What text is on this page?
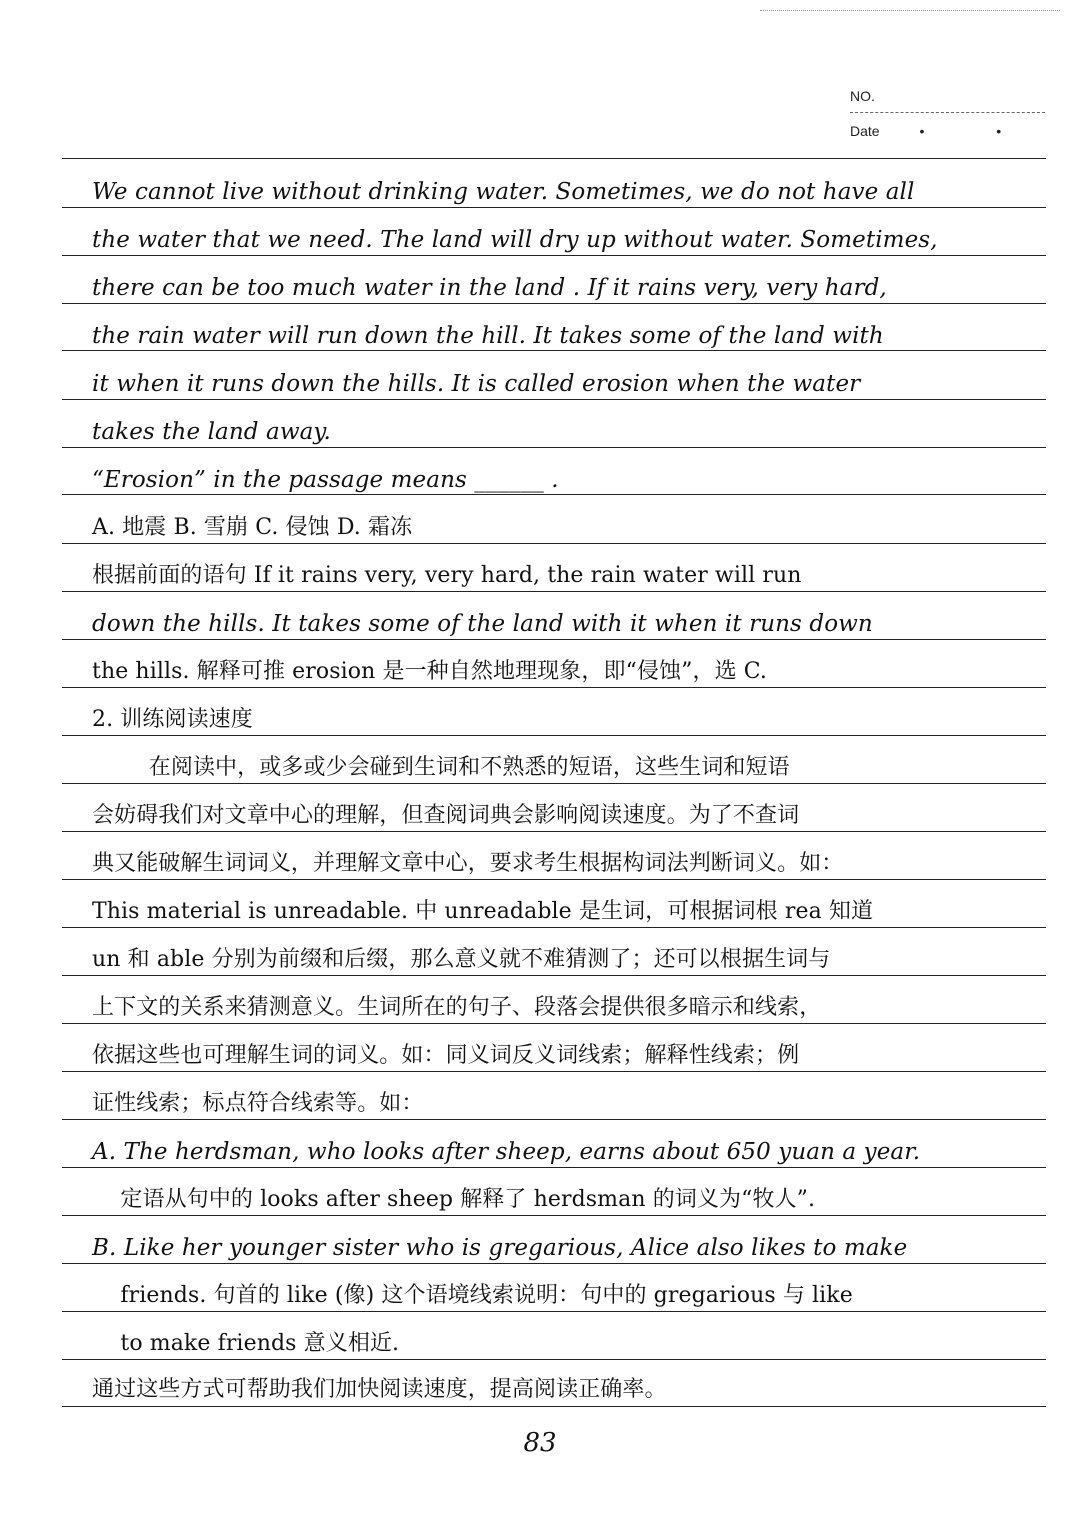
NO.
Date	• •
We cannot live without drinking water. Sometimes, we do not have all
the water that we need. The land will dry up without water. Sometimes,
there can be too much water in the land . If it rains very, very hard,
the rain water will run down the hill. It takes some of the land with
it when it runs down the hills. It is called erosion when the water
takes the land away.
“Erosion” in the passage means ______ .
A. 地震 B. 雪崩 C. 侵蚀 D. 霜冻
根据前面的语句 If it rains very, very hard, the rain water will run
down the hills. It takes some of the land with it when it runs down
the hills. 解释可推 erosion 是一种自然地理现象，即“侵蚀”，选 C.
2. 训练阅读速度
在阅读中，或多或少会碰到生词和不熟悉的短语，这些生词和短语
会妨碍我们对文章中心的理解，但查阅词典会影响阅读速度。为了不查词
典又能破解生词词义，并理解文章中心，要求考生根据构词法判断词义。如：
This material is unreadable. 中 unreadable 是生词，可根据词根 rea 知道
un 和 able 分别为前缀和后缀，那么意义就不难猜测了；还可以根据生词与
上下文的关系来猜测意义。生词所在的句子、段落会提供很多暗示和线索，
依据这些也可理解生词的词义。如：同义词反义词线索；解释性线索；例
证性线索；标点符合线索等。如：
A. The herdsman, who looks after sheep, earns about 650 yuan a year.
定语从句中的 looks after sheep 解释了 herdsman 的词义为“牧人”.
B. Like her younger sister who is gregarious, Alice also likes to make
friends. 句首的 like (像) 这个语境线索说明：句中的 gregarious 与 like
to make friends 意义相近.
通过这些方式可帮助我们加快阅读速度，提高阅读正确率。
83
